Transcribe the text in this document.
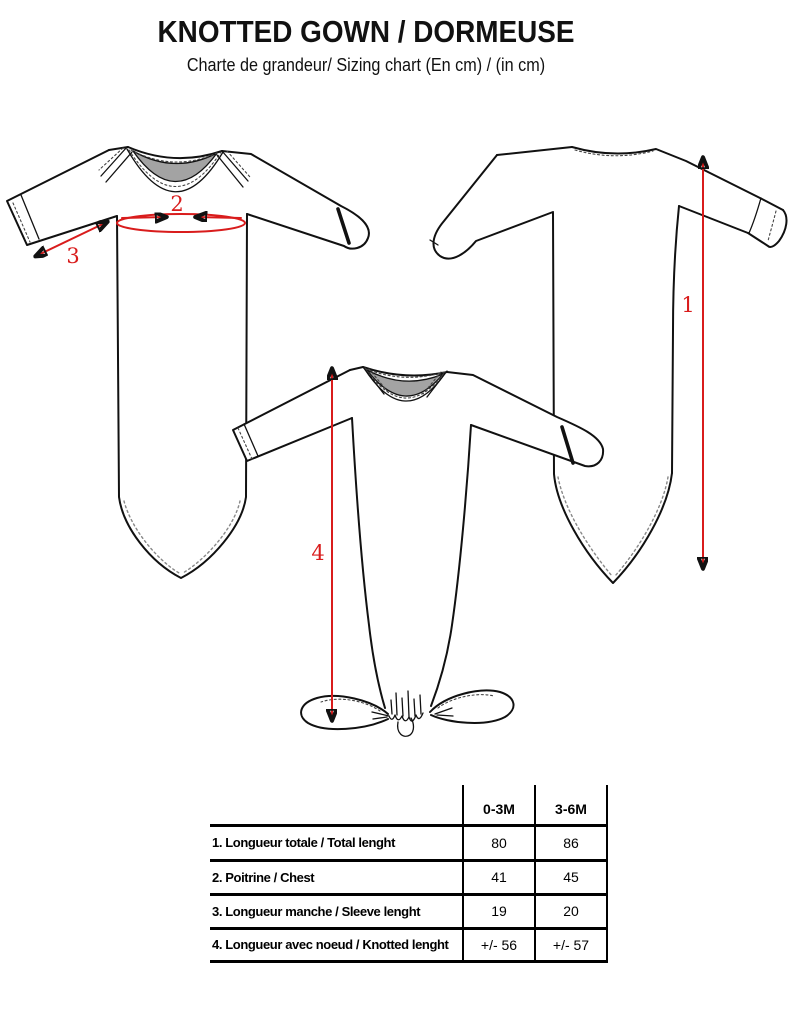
KNOTTED GOWN / DORMEUSE
Charte de grandeur/ Sizing chart (En cm) / (in cm)
1
2
3
4
	0-3M	3-6M
1. Longueur totale / Total lenght	80	86
2. Poitrine / Chest	41	45
3. Longueur manche / Sleeve lenght	19	20
4. Longueur avec noeud / Knotted lenght	+/- 56	+/- 57
